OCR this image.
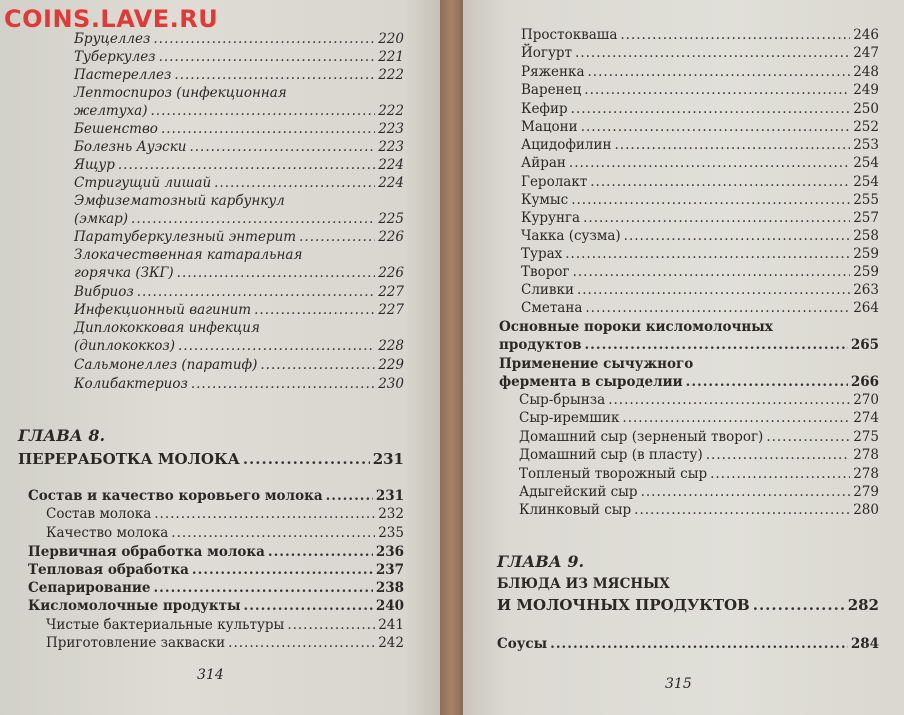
Бруцеллез .....	220
Туберкулез .....	221
Пастереллез .....	222
Лептоспироз (инфекционная
желтуха) .....	222
Бешенство .....	223
Болезнь Ауэски .....	223
Ящур .....	224
Стригущий лишай .....	224
Эмфизематозный карбункул
(эмкар) .....	225
Паратуберкулезный энтерит .....	226
Злокачественная катаральная
горячка (ЗКГ) .....	226
Вибриоз .....	227
Инфекционный вагинит .....	227
Диплококковая инфекция
(диплококкоз) .....	228
Сальмонеллез (паратиф) .....	229
Колибактериоз .....	230
ГЛАВА 8.
ПЕРЕРАБОТКА МОЛОКА .....	231
Состав и качество коровьего молока .....	231
Состав молока .....	232
Качество молока .....	235
Первичная обработка молока .....	236
Тепловая обработка .....	237
Сепарирование .....	238
Кисломолочные продукты .....	240
Чистые бактериальные культуры .....	241
Приготовление закваски .....	242
314
Простокваша .....	246
Йогурт .....	247
Ряженка .....	248
Варенец .....	249
Кефир .....	250
Мацони .....	252
Ацидофилин .....	253
Айран .....	254
Геролакт .....	254
Кумыс .....	255
Курунга .....	257
Чакка (сузма) .....	258
Турах .....	259
Творог .....	259
Сливки .....	263
Сметана .....	264
Основные пороки кисломолочных
продуктов .....	265
Применение сычужного
фермента в сыроделии .....	266
Сыр-брынза .....	270
Сыр-иремшик .....	274
Домашний сыр (зерненый творог) .....	275
Домашний сыр (в пласту) .....	278
Топленый творожный сыр .....	278
Адыгейский сыр .....	279
Клинковый сыр .....	280
ГЛАВА 9.
БЛЮДА ИЗ МЯСНЫХ
И МОЛОЧНЫХ ПРОДУКТОВ .....	282
Соусы .....	284
315
COINS.LAVE.RU
